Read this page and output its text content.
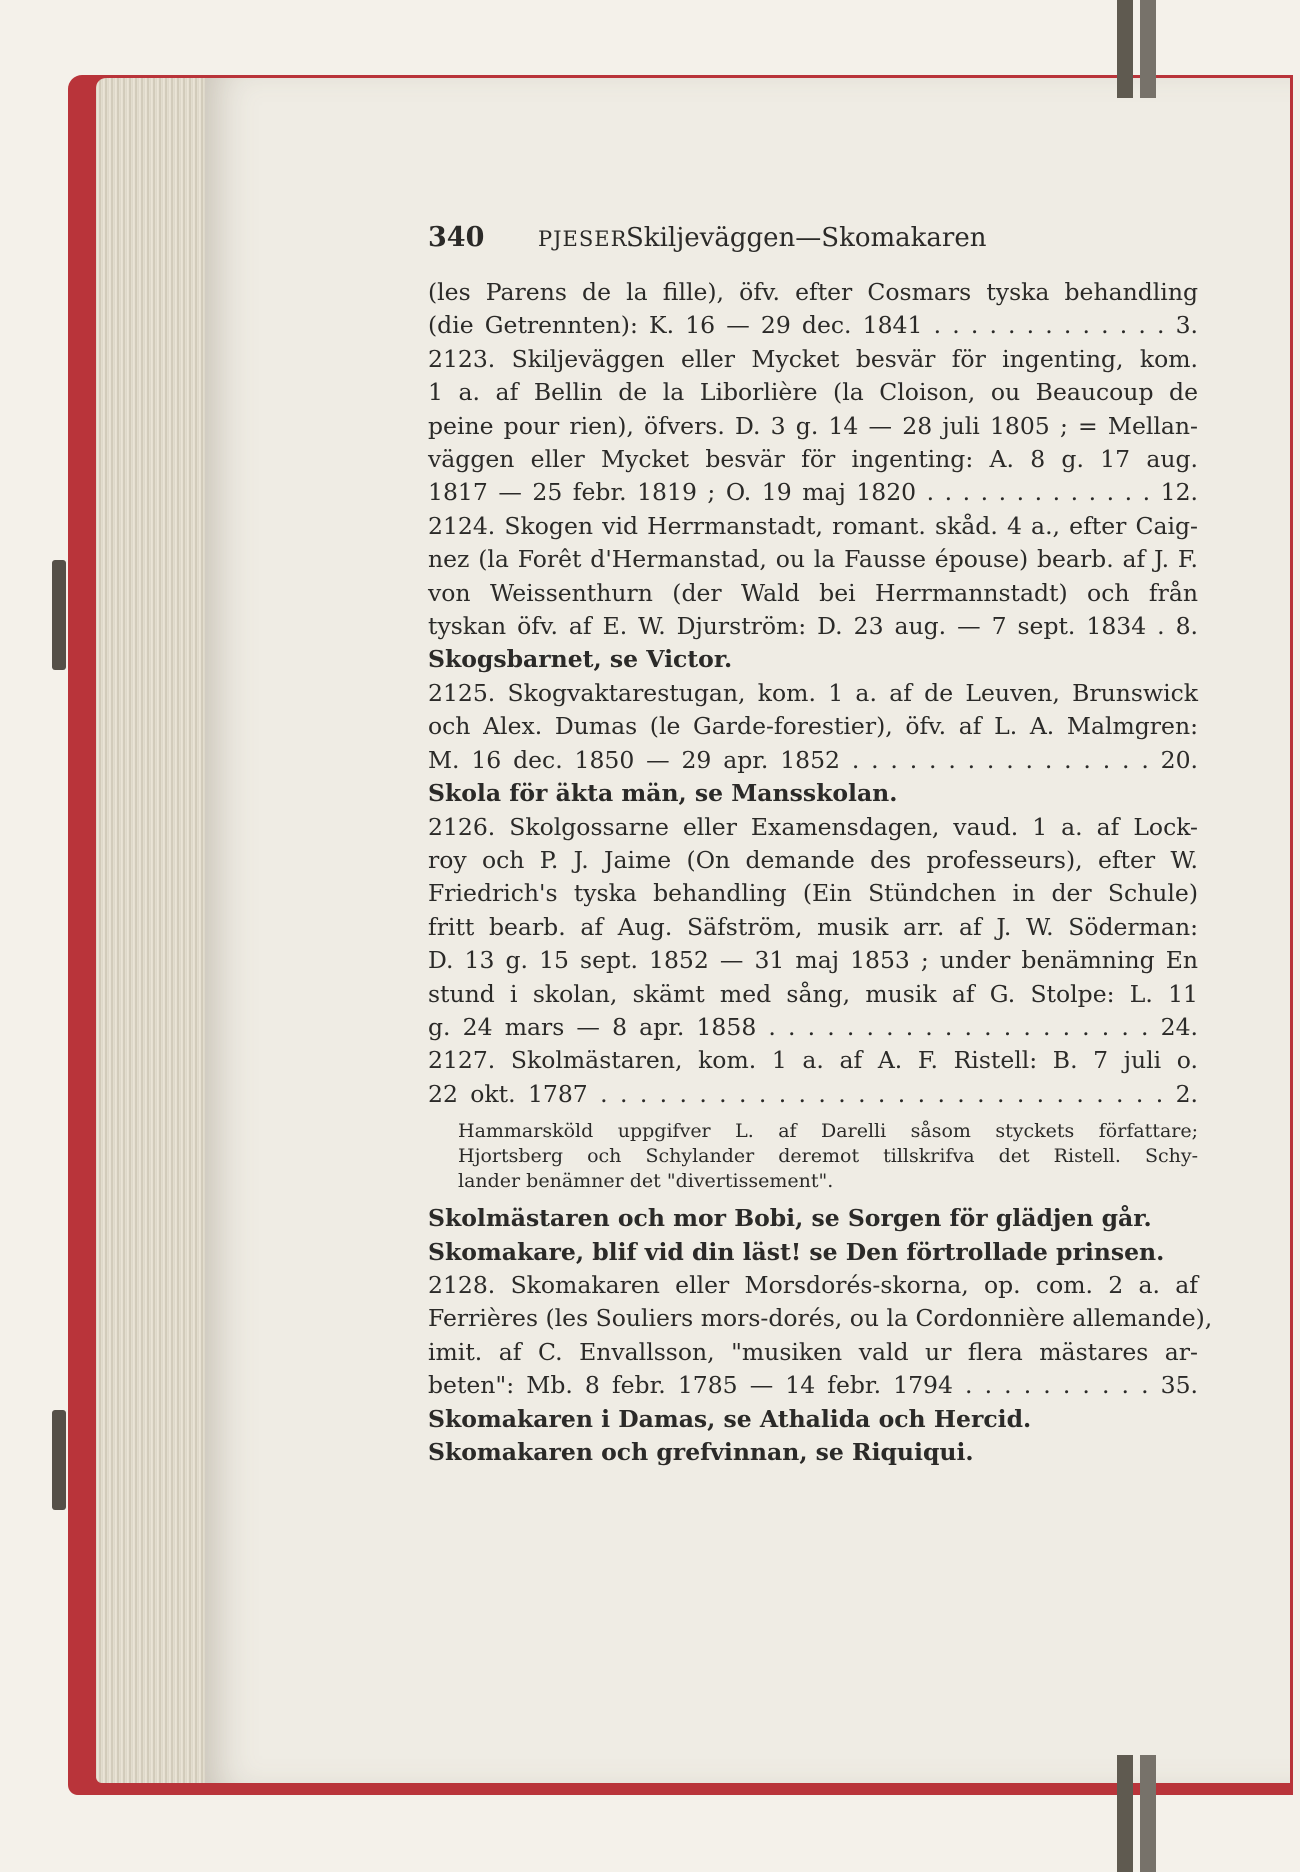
340	PJESER.
Skiljeväggen—Skomakaren
(les Parens de la fille), öfv. efter Cosmars tyska behandling
(die Getrennten): K. 16 — 29 dec. 1841 . . . . . . . . . . . . . 3.
2123. Skiljeväggen eller Mycket besvär för ingenting, kom.
1 a. af Bellin de la Liborlière (la Cloison, ou Beaucoup de
peine pour rien), öfvers. D. 3 g. 14 — 28 juli 1805 ; = Mellan-
väggen eller Mycket besvär för ingenting: A. 8 g. 17 aug.
1817 — 25 febr. 1819 ; O. 19 maj 1820 . . . . . . . . . . . . . 12.
2124. Skogen vid Herrmanstadt, romant. skåd. 4 a., efter Caig-
nez (la Forêt d'Hermanstad, ou la Fausse épouse) bearb. af J. F.
von Weissenthurn (der Wald bei Herrmannstadt) och från
tyskan öfv. af E. W. Djurström: D. 23 aug. — 7 sept. 1834 . 8.
Skogsbarnet, se Victor.
2125. Skogvaktarestugan, kom. 1 a. af de Leuven, Brunswick
och Alex. Dumas (le Garde-forestier), öfv. af L. A. Malmgren:
M. 16 dec. 1850 — 29 apr. 1852 . . . . . . . . . . . . . . . . 20.
Skola för äkta män, se Mansskolan.
2126. Skolgossarne eller Examensdagen, vaud. 1 a. af Lock-
roy och P. J. Jaime (On demande des professeurs), efter W.
Friedrich's tyska behandling (Ein Stündchen in der Schule)
fritt bearb. af Aug. Säfström, musik arr. af J. W. Söderman:
D. 13 g. 15 sept. 1852 — 31 maj 1853 ; under benämning En
stund i skolan, skämt med sång, musik af G. Stolpe: L. 11
g. 24 mars — 8 apr. 1858 . . . . . . . . . . . . . . . . . . . . 24.
2127. Skolmästaren, kom. 1 a. af A. F. Ristell: B. 7 juli o.
22 okt. 1787 . . . . . . . . . . . . . . . . . . . . . . . . . . . . . 2.
Hammarsköld uppgifver L. af Darelli såsom styckets författare;
Hjortsberg och Schylander deremot tillskrifva det Ristell. Schy-
lander benämner det "divertissement".
Skolmästaren och mor Bobi, se Sorgen för glädjen går.
Skomakare, blif vid din läst! se Den förtrollade prinsen.
2128. Skomakaren eller Morsdorés-skorna, op. com. 2 a. af
Ferrières (les Souliers mors-dorés, ou la Cordonnière allemande),
imit. af C. Envallsson, "musiken vald ur flera mästares ar-
beten": Mb. 8 febr. 1785 — 14 febr. 1794 . . . . . . . . . . 35.
Skomakaren i Damas, se Athalida och Hercid.
Skomakaren och grefvinnan, se Riquiqui.
